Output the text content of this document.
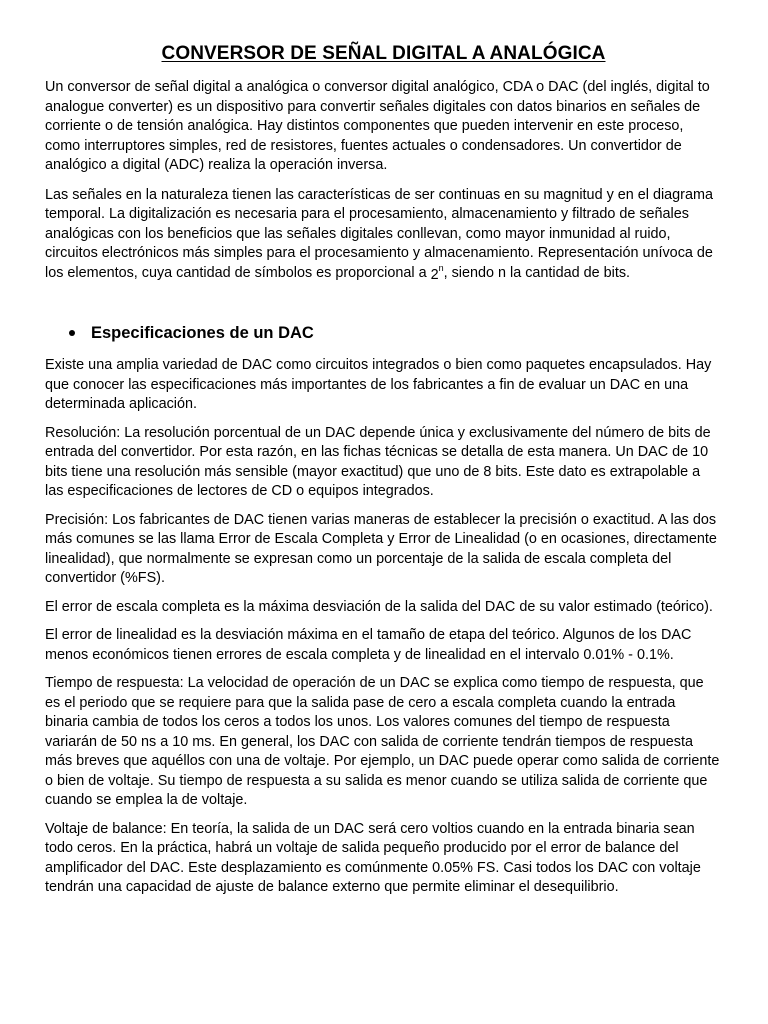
CONVERSOR DE SEÑAL DIGITAL A ANALÓGICA

Un conversor de señal digital a analógica o conversor digital analógico, CDA o DAC (del inglés, digital to analogue converter) es un dispositivo para convertir señales digitales con datos binarios en señales de corriente o de tensión analógica. Hay distintos componentes que pueden intervenir en este proceso, como interruptores simples, red de resistores, fuentes actuales o condensadores. Un convertidor de analógico a digital (ADC) realiza la operación inversa.

Las señales en la naturaleza tienen las características de ser continuas en su magnitud y en el diagrama temporal. La digitalización es necesaria para el procesamiento, almacenamiento y filtrado de señales analógicas con los beneficios que las señales digitales conllevan, como mayor inmunidad al ruido, circuitos electrónicos más simples para el procesamiento y almacenamiento. Representación unívoca de los elementos, cuya cantidad de símbolos es proporcional a 2$^n$, siendo n la cantidad de bits.

Especificaciones de un DAC

Existe una amplia variedad de DAC como circuitos integrados o bien como paquetes encapsulados. Hay que conocer las especificaciones más importantes de los fabricantes a fin de evaluar un DAC en una determinada aplicación.

Resolución: La resolución porcentual de un DAC depende única y exclusivamente del número de bits de entrada del convertidor. Por esta razón, en las fichas técnicas se detalla de esta manera. Un DAC de 10 bits tiene una resolución más sensible (mayor exactitud) que uno de 8 bits. Este dato es extrapolable a las especificaciones de lectores de CD o equipos integrados.

Precisión: Los fabricantes de DAC tienen varias maneras de establecer la precisión o exactitud. A las dos más comunes se las llama Error de Escala Completa y Error de Linealidad (o en ocasiones, directamente linealidad), que normalmente se expresan como un porcentaje de la salida de escala completa del convertidor (%FS).

El error de escala completa es la máxima desviación de la salida del DAC de su valor estimado (teórico).

El error de linealidad es la desviación máxima en el tamaño de etapa del teórico. Algunos de los DAC menos económicos tienen errores de escala completa y de linealidad en el intervalo 0.01% - 0.1%.

Tiempo de respuesta: La velocidad de operación de un DAC se explica como tiempo de respuesta, que es el periodo que se requiere para que la salida pase de cero a escala completa cuando la entrada binaria cambia de todos los ceros a todos los unos. Los valores comunes del tiempo de respuesta variarán de 50 ns a 10 ms. En general, los DAC con salida de corriente tendrán tiempos de respuesta más breves que aquéllos con una de voltaje. Por ejemplo, un DAC puede operar como salida de corriente o bien de voltaje. Su tiempo de respuesta a su salida es menor cuando se utiliza salida de corriente que cuando se emplea la de voltaje.

Voltaje de balance: En teoría, la salida de un DAC será cero voltios cuando en la entrada binaria sean todo ceros. En la práctica, habrá un voltaje de salida pequeño producido por el error de balance del amplificador del DAC. Este desplazamiento es comúnmente 0.05% FS. Casi todos los DAC con voltaje tendrán una capacidad de ajuste de balance externo que permite eliminar el desequilibrio.
